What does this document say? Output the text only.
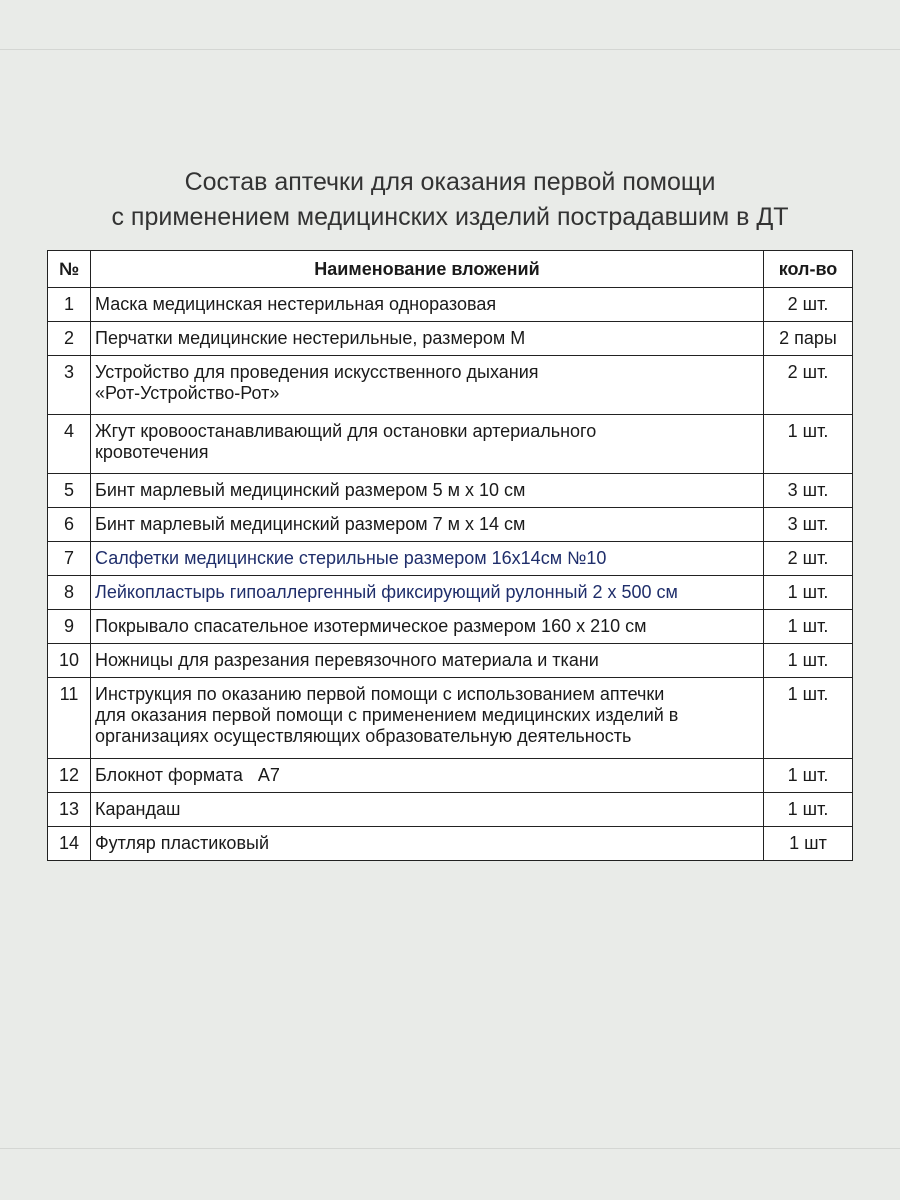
Состав аптечки для оказания первой помощи
с применением медицинских изделий пострадавшим в ДТ
№	Наименование вложений	кол-во
1	Маска медицинская нестерильная одноразовая	2 шт.
2	Перчатки медицинские нестерильные, размером М	2 пары
3	Устройство для проведения искусственного дыхания
«Рот-Устройство-Рот»	2 шт.
4	Жгут кровоостанавливающий для остановки артериального
кровотечения	1 шт.
5	Бинт марлевый медицинский размером 5 м х 10 см	3 шт.
6	Бинт марлевый медицинский размером 7 м х 14 см	3 шт.
7	Салфетки медицинские стерильные размером 16х14см №10	2 шт.
8	Лейкопластырь гипоаллергенный фиксирующий рулонный 2 х 500 см	1 шт.
9	Покрывало спасательное изотермическое размером 160 х 210 см	1 шт.
10	Ножницы для разрезания перевязочного материала и ткани	1 шт.
11	Инструкция по оказанию первой помощи с использованием аптечки
для оказания первой помощи с применением медицинских изделий в
организациях осуществляющих образовательную деятельность	1 шт.
12	Блокнот формата   А7	1 шт.
13	Карандаш	1 шт.
14	Футляр пластиковый	1 шт
